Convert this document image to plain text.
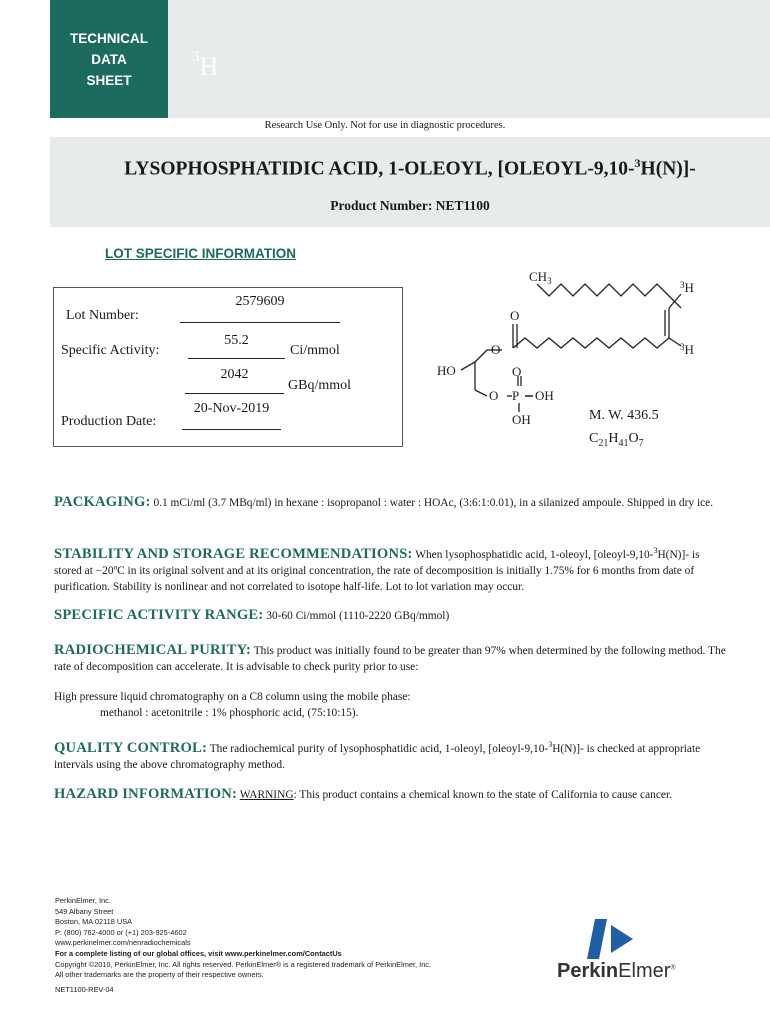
TECHNICAL
DATA
SHEET
$^3$H
Research Use Only. Not for use in diagnostic procedures.
LYSOPHOSPHATIDIC ACID, 1-OLEOYL, [OLEOYL-9,10-$^3$H(N)]-
Product Number: NET1100
LOT SPECIFIC INFORMATION
Lot Number:
2579609
Specific Activity:
55.2
Ci/mmol
2042
GBq/mmol
Production Date:
20-Nov-2019
$CH_3$	$^3$H
$^3$H
O
O
HO
O P
O
OH
OH	M. W. 436.5
$C_{21}H_{41}O_7$
PACKAGING: 0.1 mCi/ml (3.7 MBq/ml) in hexane : isopropanol : water : HOAc, (3:6:1:0.01), in a silanized ampoule. Shipped in dry ice.
STABILITY AND STORAGE RECOMMENDATIONS: When lysophosphatidic acid, 1-oleoyl, [oleoyl-9,10-$^3$H(N)]- is stored at −20ºC in its original solvent and at its original concentration, the rate of decomposition is initially 1.75% for 6 months from date of purification. Stability is nonlinear and not correlated to isotope half-life. Lot to lot variation may occur.
SPECIFIC ACTIVITY RANGE: 30-60 Ci/mmol (1110-2220 GBq/mmol)
RADIOCHEMICAL PURITY: This product was initially found to be greater than 97% when determined by the following method. The rate of decomposition can accelerate. It is advisable to check purity prior to use:
High pressure liquid chromatography on a C8 column using the mobile phase:
methanol : acetonitrile : 1% phosphoric acid, (75:10:15).
QUALITY CONTROL: The radiochemical purity of lysophosphatidic acid, 1-oleoyl, [oleoyl-9,10-$^3$H(N)]- is checked at appropriate intervals using the above chromatography method.
HAZARD INFORMATION: WARNING: This product contains a chemical known to the state of California to cause cancer.
PerkinElmer, Inc.
549 Albany Street
Boston, MA 02118 USA
P: (800) 762-4000 or (+1) 203-925-4602
www.perkinelmer.com/nenradiochemicals
For a complete listing of our global offices, visit www.perkinelmer.com/ContactUs
Copyright ©2010, PerkinElmer, Inc. All rights reserved. PerkinElmer® is a registered trademark of PerkinElmer, Inc.
All other trademarks are the property of their respective owners.
NET1100-REV-04
PerkinElmer®
